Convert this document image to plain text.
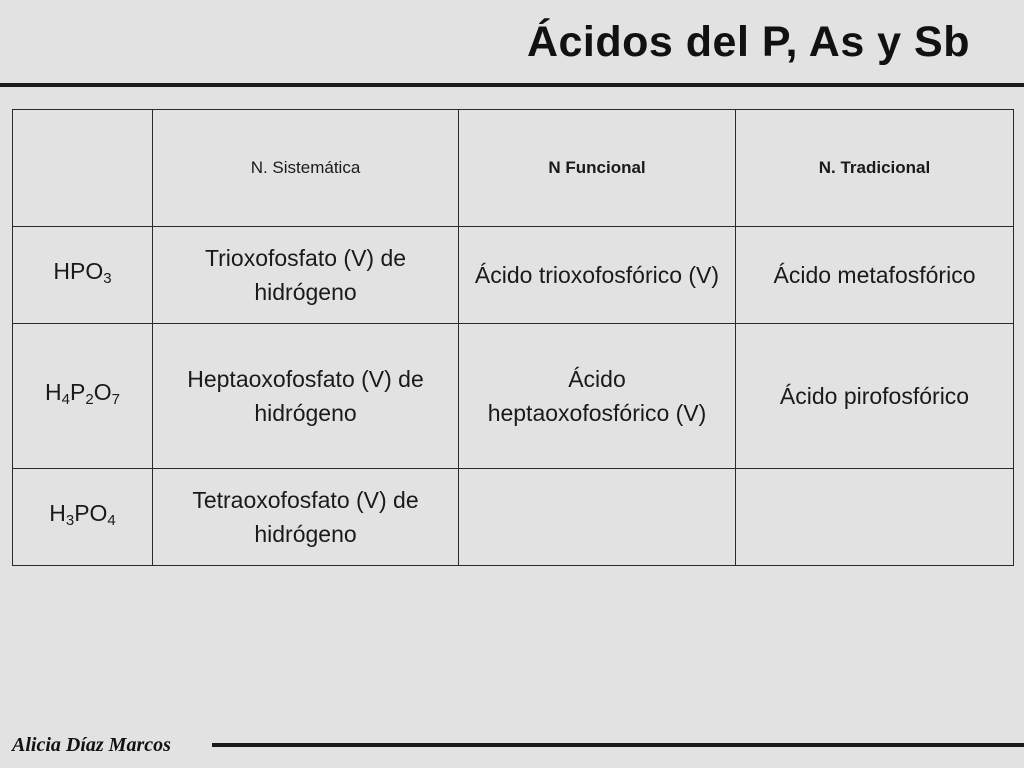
Ácidos del P, As y Sb
	N. Sistemática	N Funcional	N. Tradicional
$HPO_3$	Trioxofosfato (V) de hidrógeno	Ácido trioxofosfórico (V)	Ácido metafosfórico
$H_4P_2O_7$	Heptaoxofosfato (V) de hidrógeno	Ácido heptaoxofosfórico (V)	Ácido pirofosfórico
$H_3PO_4$	Tetraoxofosfato (V) de hidrógeno		
Alicia Díaz Marcos
